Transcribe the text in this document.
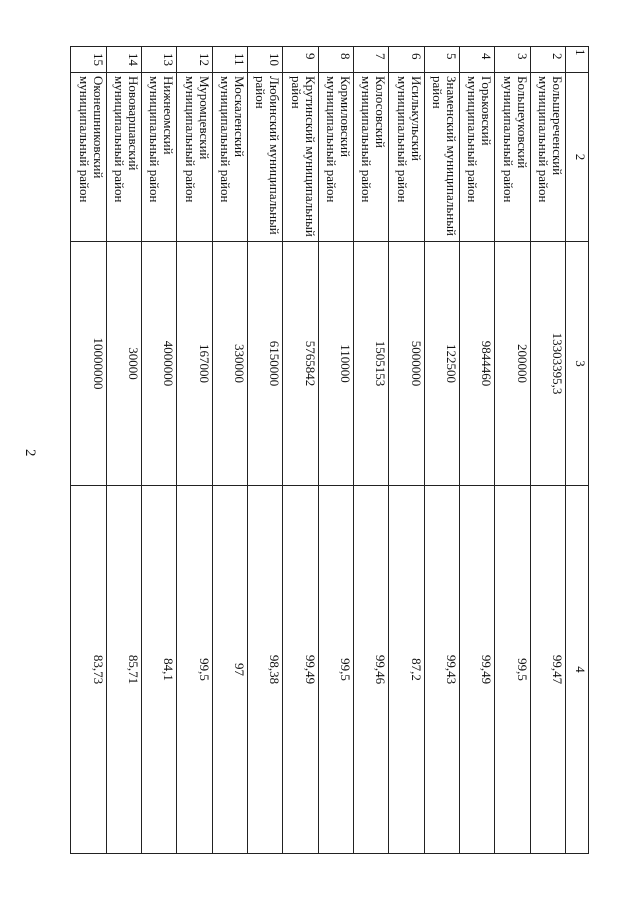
2
1	2	3	4
2	Большереченский муниципальный район	13303395,3	99,47
3	Большеуковский муниципальный район	200000	99,5
4	Горьковский муниципальный район	9844460	99,49
5	Знаменский муниципальный район	122500	99,43
6	Исилькульский муниципальный район	5000000	87,2
7	Колосовский муниципальный район	1505153	99,46
8	Кормиловский муниципальный район	110000	99,5
9	Крутинский муниципальный район	5765842	99,49
10	Любинский муниципальный район	6150000	98,38
11	Москаленский муниципальный район	330000	97
12	Муромцевский муниципальный район	167000	99,5
13	Нижнеомский муниципальный район	4000000	84,1
14	Нововаршавский муниципальный район	30000	85,71
15	Оконешниковский муниципальный район	10000000	83,73
